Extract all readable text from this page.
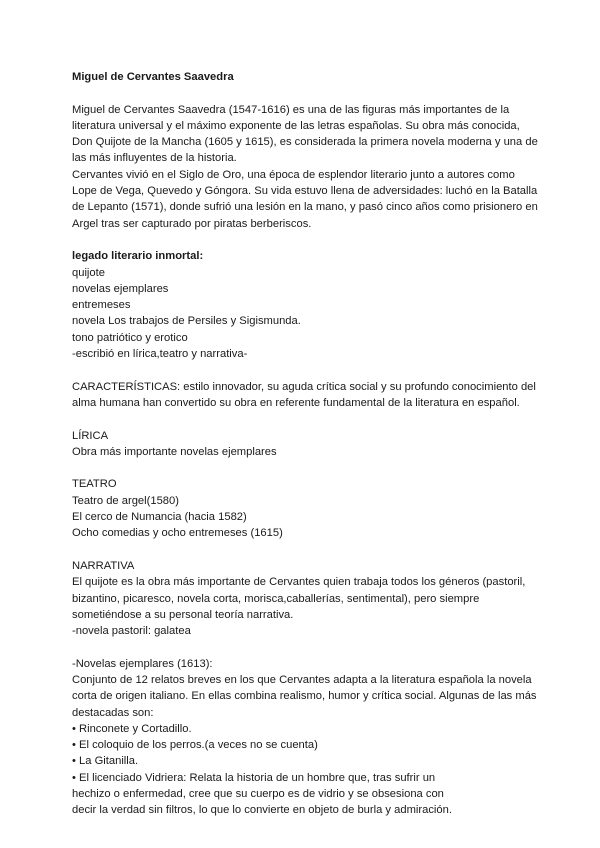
Miguel de Cervantes Saavedra
Miguel de Cervantes Saavedra (1547-1616) es una de las figuras más importantes de la
literatura universal y el máximo exponente de las letras españolas. Su obra más conocida,
Don Quijote de la Mancha (1605 y 1615), es considerada la primera novela moderna y una de
las más influyentes de la historia.
Cervantes vivió en el Siglo de Oro, una época de esplendor literario junto a autores como
Lope de Vega, Quevedo y Góngora. Su vida estuvo llena de adversidades: luchó en la Batalla
de Lepanto (1571), donde sufrió una lesión en la mano, y pasó cinco años como prisionero en
Argel tras ser capturado por piratas berberiscos.
legado literario inmortal:
quijote
novelas ejemplares
entremeses
novela Los trabajos de Persiles y Sigismunda.
tono patriótico y erotico
-escribió en lírica,teatro y narrativa-
CARACTERÍSTICAS: estilo innovador, su aguda crítica social y su profundo conocimiento del
alma humana han convertido su obra en referente fundamental de la literatura en español.
LÍRICA
Obra más importante novelas ejemplares
TEATRO
Teatro de argel(1580)
El cerco de Numancia (hacia 1582)
Ocho comedias y ocho entremeses (1615)
NARRATIVA
El quijote es la obra más importante de Cervantes quien trabaja todos los géneros (pastoril,
bizantino, picaresco, novela corta, morisca,caballerías, sentimental), pero siempre
sometiéndose a su personal teoría narrativa.
-novela pastoril: galatea
-Novelas ejemplares (1613):
Conjunto de 12 relatos breves en los que Cervantes adapta a la literatura española la novela
corta de origen italiano. En ellas combina realismo, humor y crítica social. Algunas de las más
destacadas son:
• Rinconete y Cortadillo.
• El coloquio de los perros.(a veces no se cuenta)
• La Gitanilla.
• El licenciado Vidriera: Relata la historia de un hombre que, tras sufrir un
hechizo o enfermedad, cree que su cuerpo es de vidrio y se obsesiona con
decir la verdad sin filtros, lo que lo convierte en objeto de burla y admiración.
